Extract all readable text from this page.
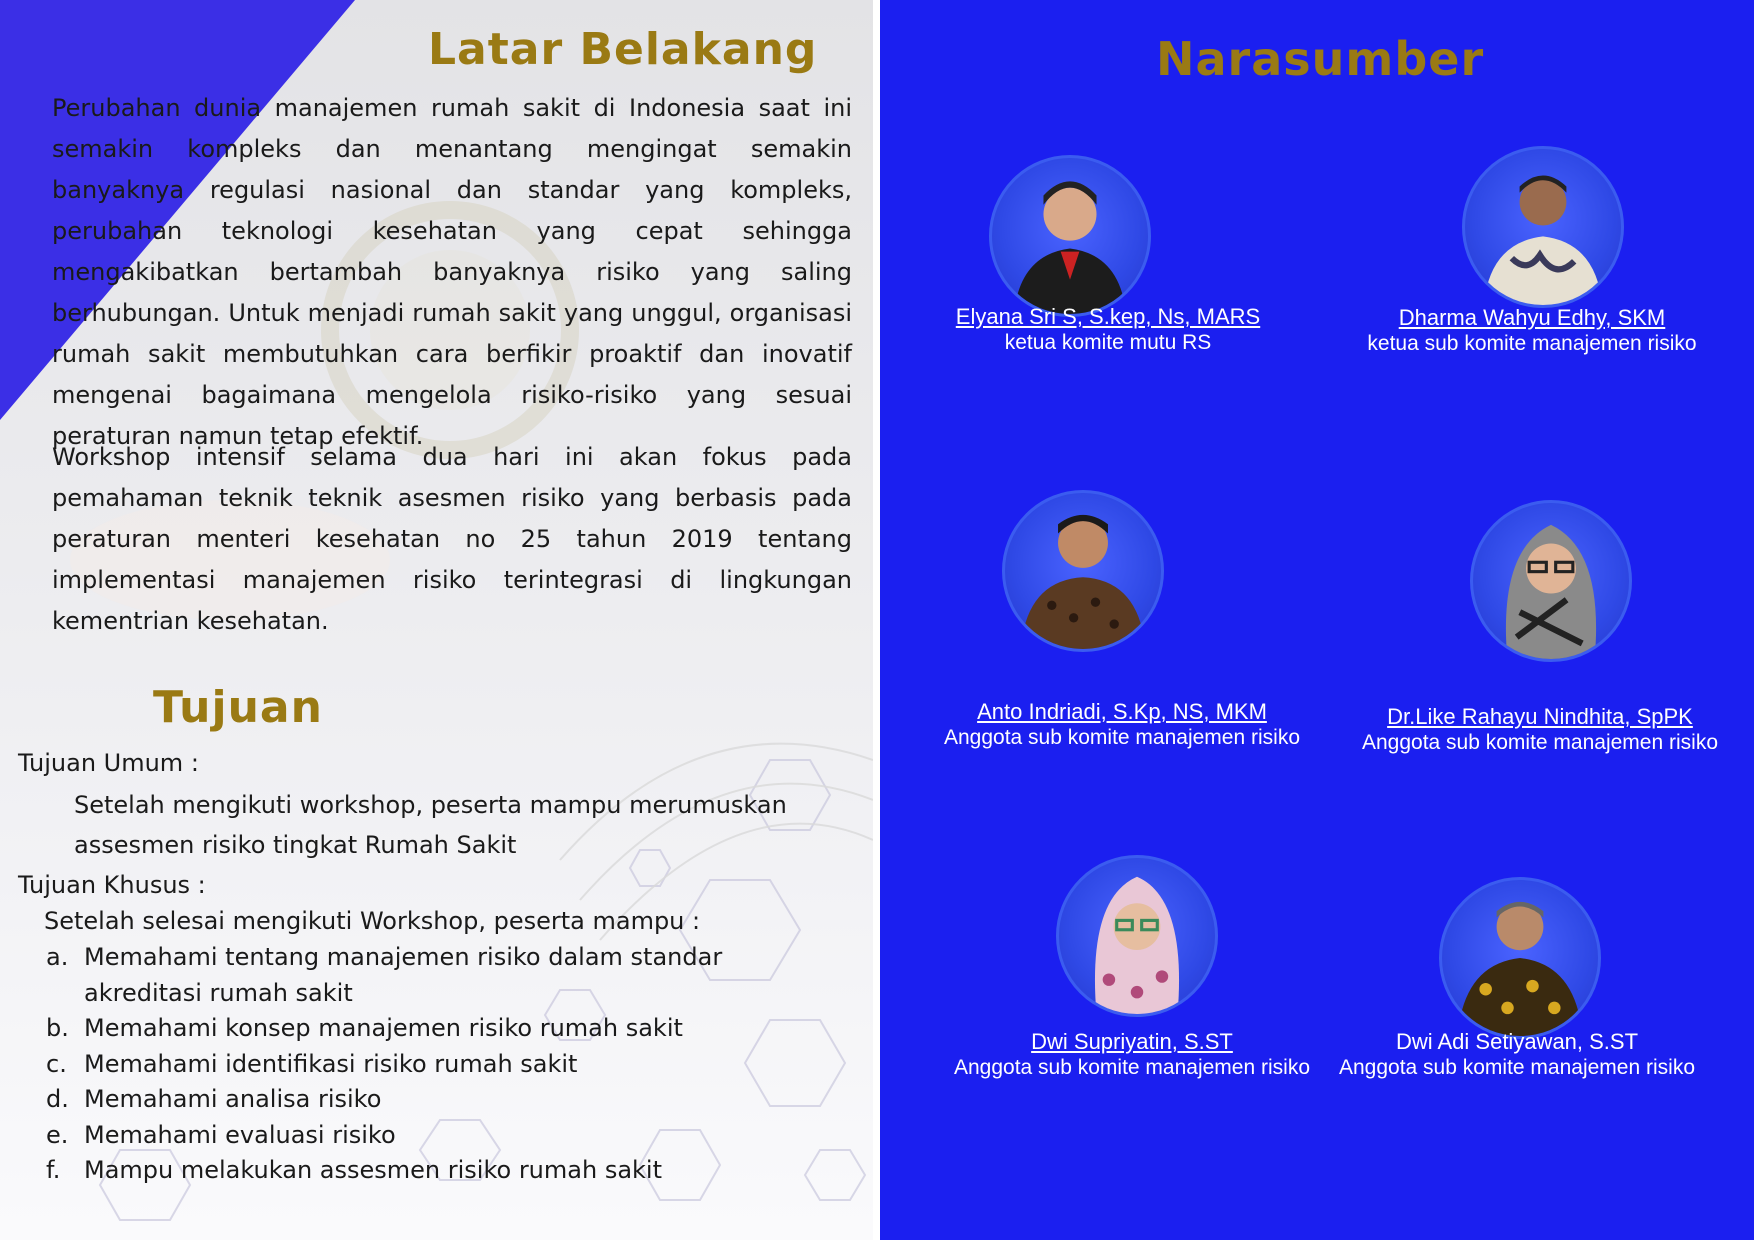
Latar Belakang

Perubahan dunia manajemen rumah sakit di Indonesia saat ini semakin kompleks dan menantang mengingat semakin banyaknya regulasi nasional dan standar yang kompleks, perubahan teknologi kesehatan yang cepat sehingga mengakibatkan bertambah banyaknya risiko yang saling berhubungan. Untuk menjadi rumah sakit yang unggul, organisasi rumah sakit membutuhkan cara berfikir proaktif dan inovatif mengenai bagaimana mengelola risiko-risiko yang sesuai peraturan namun tetap efektif.

Workshop intensif selama dua hari ini akan fokus pada pemahaman teknik teknik asesmen risiko yang berbasis pada peraturan menteri kesehatan no 25 tahun 2019 tentang implementasi manajemen risiko terintegrasi di lingkungan kementrian kesehatan.

Tujuan

Tujuan Umum :

Setelah mengikuti workshop, peserta mampu merumuskan assesmen risiko tingkat Rumah Sakit

Tujuan Khusus :

Setelah selesai mengikuti Workshop, peserta mampu :

a. Memahami tentang manajemen risiko dalam standar akreditasi rumah sakit
b. Memahami konsep manajemen risiko rumah sakit
c. Memahami identifikasi risiko rumah sakit
d. Memahami analisa risiko
e. Memahami evaluasi risiko
f. Mampu melakukan assesmen risiko rumah sakit
Narasumber
Elyana Sri S, S.kep, Ns, MARS
ketua komite mutu RS
Dharma Wahyu Edhy, SKM
ketua sub komite manajemen risiko
Anto Indriadi, S.Kp, NS, MKM
Anggota sub komite manajemen risiko
Dr.Like Rahayu Nindhita, SpPK
Anggota sub komite manajemen risiko
Dwi Supriyatin, S.ST
Anggota sub komite manajemen risiko
Dwi Adi Setiyawan, S.ST
Anggota sub komite manajemen risiko
